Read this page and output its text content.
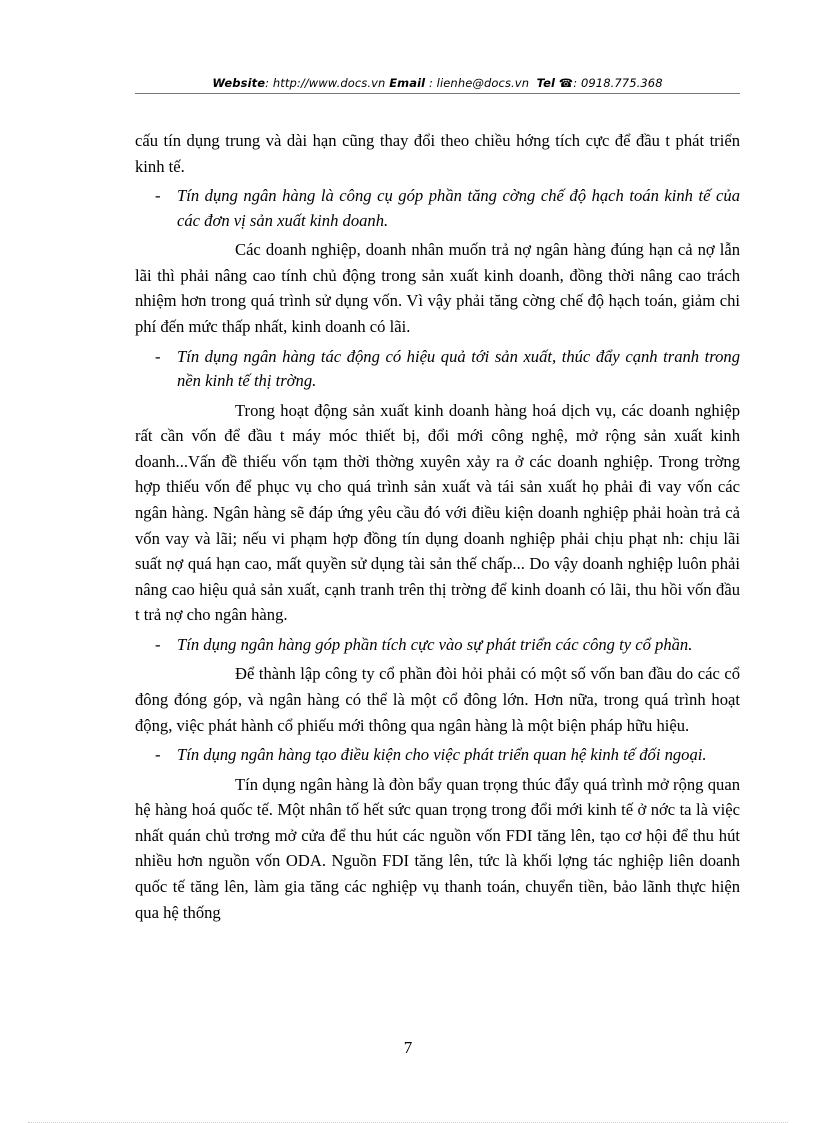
Website: http://www.docs.vn Email : lienhe@docs.vn Tel ☎: 0918.775.368

cấu tín dụng trung và dài hạn cũng thay đổi theo chiều hớng tích cực để đầu t phát triển kinh tế.

- Tín dụng ngân hàng là công cụ góp phần tăng cờng chế độ hạch toán kinh tế của các đơn vị sản xuất kinh doanh.

Các doanh nghiệp, doanh nhân muốn trả nợ ngân hàng đúng hạn cả nợ lẫn lãi thì phải nâng cao tính chủ động trong sản xuất kinh doanh, đồng thời nâng cao trách nhiệm hơn trong quá trình sử dụng vốn. Vì vậy phải tăng cờng chế độ hạch toán, giảm chi phí đến mức thấp nhất, kinh doanh có lãi.

- Tín dụng ngân hàng tác động có hiệu quả tới sản xuất, thúc đẩy cạnh tranh trong nền kinh tế thị trờng.

Trong hoạt động sản xuất kinh doanh hàng hoá dịch vụ, các doanh nghiệp rất cần vốn để đầu t máy móc thiết bị, đổi mới công nghệ, mở rộng sản xuất kinh doanh...Vấn đề thiếu vốn tạm thời thờng xuyên xảy ra ở các doanh nghiệp. Trong trờng hợp thiếu vốn để phục vụ cho quá trình sản xuất và tái sản xuất họ phải đi vay vốn các ngân hàng. Ngân hàng sẽ đáp ứng yêu cầu đó với điều kiện doanh nghiệp phải hoàn trả cả vốn vay và lãi; nếu vi phạm hợp đồng tín dụng doanh nghiệp phải chịu phạt nh: chịu lãi suất nợ quá hạn cao, mất quyền sử dụng tài sản thế chấp... Do vậy doanh nghiệp luôn phải nâng cao hiệu quả sản xuất, cạnh tranh trên thị trờng để kinh doanh có lãi, thu hồi vốn đầu t trả nợ cho ngân hàng.

- Tín dụng ngân hàng góp phần tích cực vào sự phát triển các công ty cổ phần.

Để thành lập công ty cổ phần đòi hỏi phải có một số vốn ban đầu do các cổ đông đóng góp, và ngân hàng có thể là một cổ đông lớn. Hơn nữa, trong quá trình hoạt động, việc phát hành cổ phiếu mới thông qua ngân hàng là một biện pháp hữu hiệu.

- Tín dụng ngân hàng tạo điều kiện cho việc phát triển quan hệ kinh tế đối ngoại.

Tín dụng ngân hàng là đòn bẩy quan trọng thúc đẩy quá trình mở rộng quan hệ hàng hoá quốc tế. Một nhân tố hết sức quan trọng trong đổi mới kinh tế ở nớc ta là việc nhất quán chủ trơng mở cửa để thu hút các nguồn vốn FDI tăng lên, tạo cơ hội để thu hút nhiều hơn nguồn vốn ODA. Nguồn FDI tăng lên, tức là khối lợng tác nghiệp liên doanh quốc tế tăng lên, làm gia tăng các nghiệp vụ thanh toán, chuyển tiền, bảo lãnh thực hiện qua hệ thống

7
